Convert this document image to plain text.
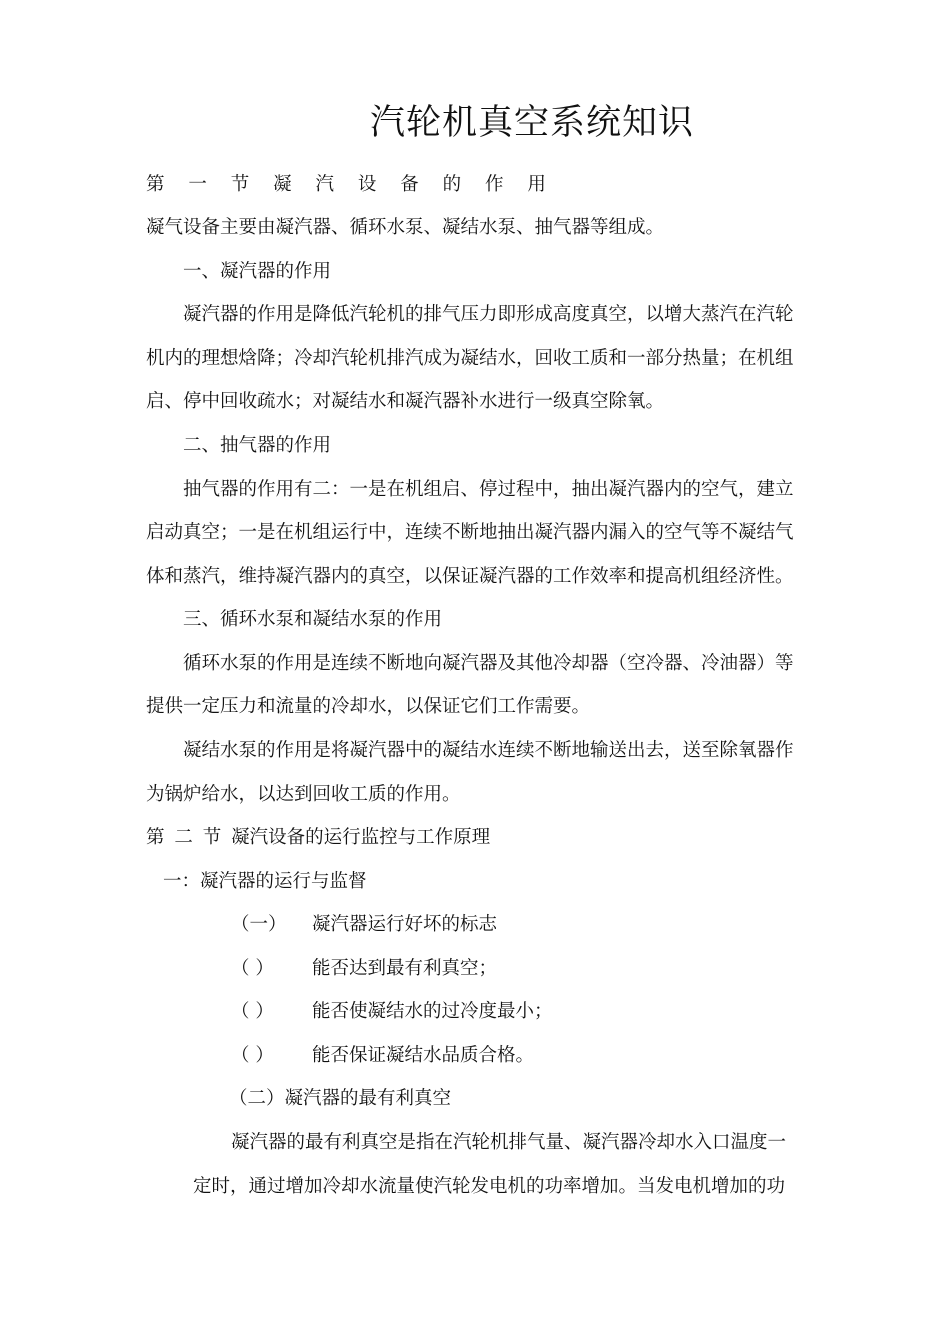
汽轮机真空系统知识
第 一 节 凝 汽 设 备 的 作 用
凝气设备主要由凝汽器、循环水泵、凝结水泵、抽气器等组成。
一、凝汽器的作用
凝汽器的作用是降低汽轮机的排气压力即形成高度真空，以增大蒸汽在汽轮
机内的理想焓降；冷却汽轮机排汽成为凝结水，回收工质和一部分热量；在机组
启、停中回收疏水；对凝结水和凝汽器补水进行一级真空除氧。
二、抽气器的作用
抽气器的作用有二：一是在机组启、停过程中，抽出凝汽器内的空气，建立
启动真空；一是在机组运行中，连续不断地抽出凝汽器内漏入的空气等不凝结气
体和蒸汽，维持凝汽器内的真空，以保证凝汽器的工作效率和提高机组经济性。
三、循环水泵和凝结水泵的作用
循环水泵的作用是连续不断地向凝汽器及其他冷却器（空冷器、冷油器）等
提供一定压力和流量的冷却水，以保证它们工作需要。
凝结水泵的作用是将凝汽器中的凝结水连续不断地输送出去，送至除氧器作
为锅炉给水，以达到回收工质的作用。
第 二 节 凝汽设备的运行监控与工作原理
一：凝汽器的运行与监督
（一） 凝汽器运行好坏的标志
（ ） 能否达到最有利真空；
（ ） 能否使凝结水的过冷度最小；
（ ） 能否保证凝结水品质合格。
（二）凝汽器的最有利真空
凝汽器的最有利真空是指在汽轮机排气量、凝汽器冷却水入口温度一
定时，通过增加冷却水流量使汽轮发电机的功率增加。当发电机增加的功
